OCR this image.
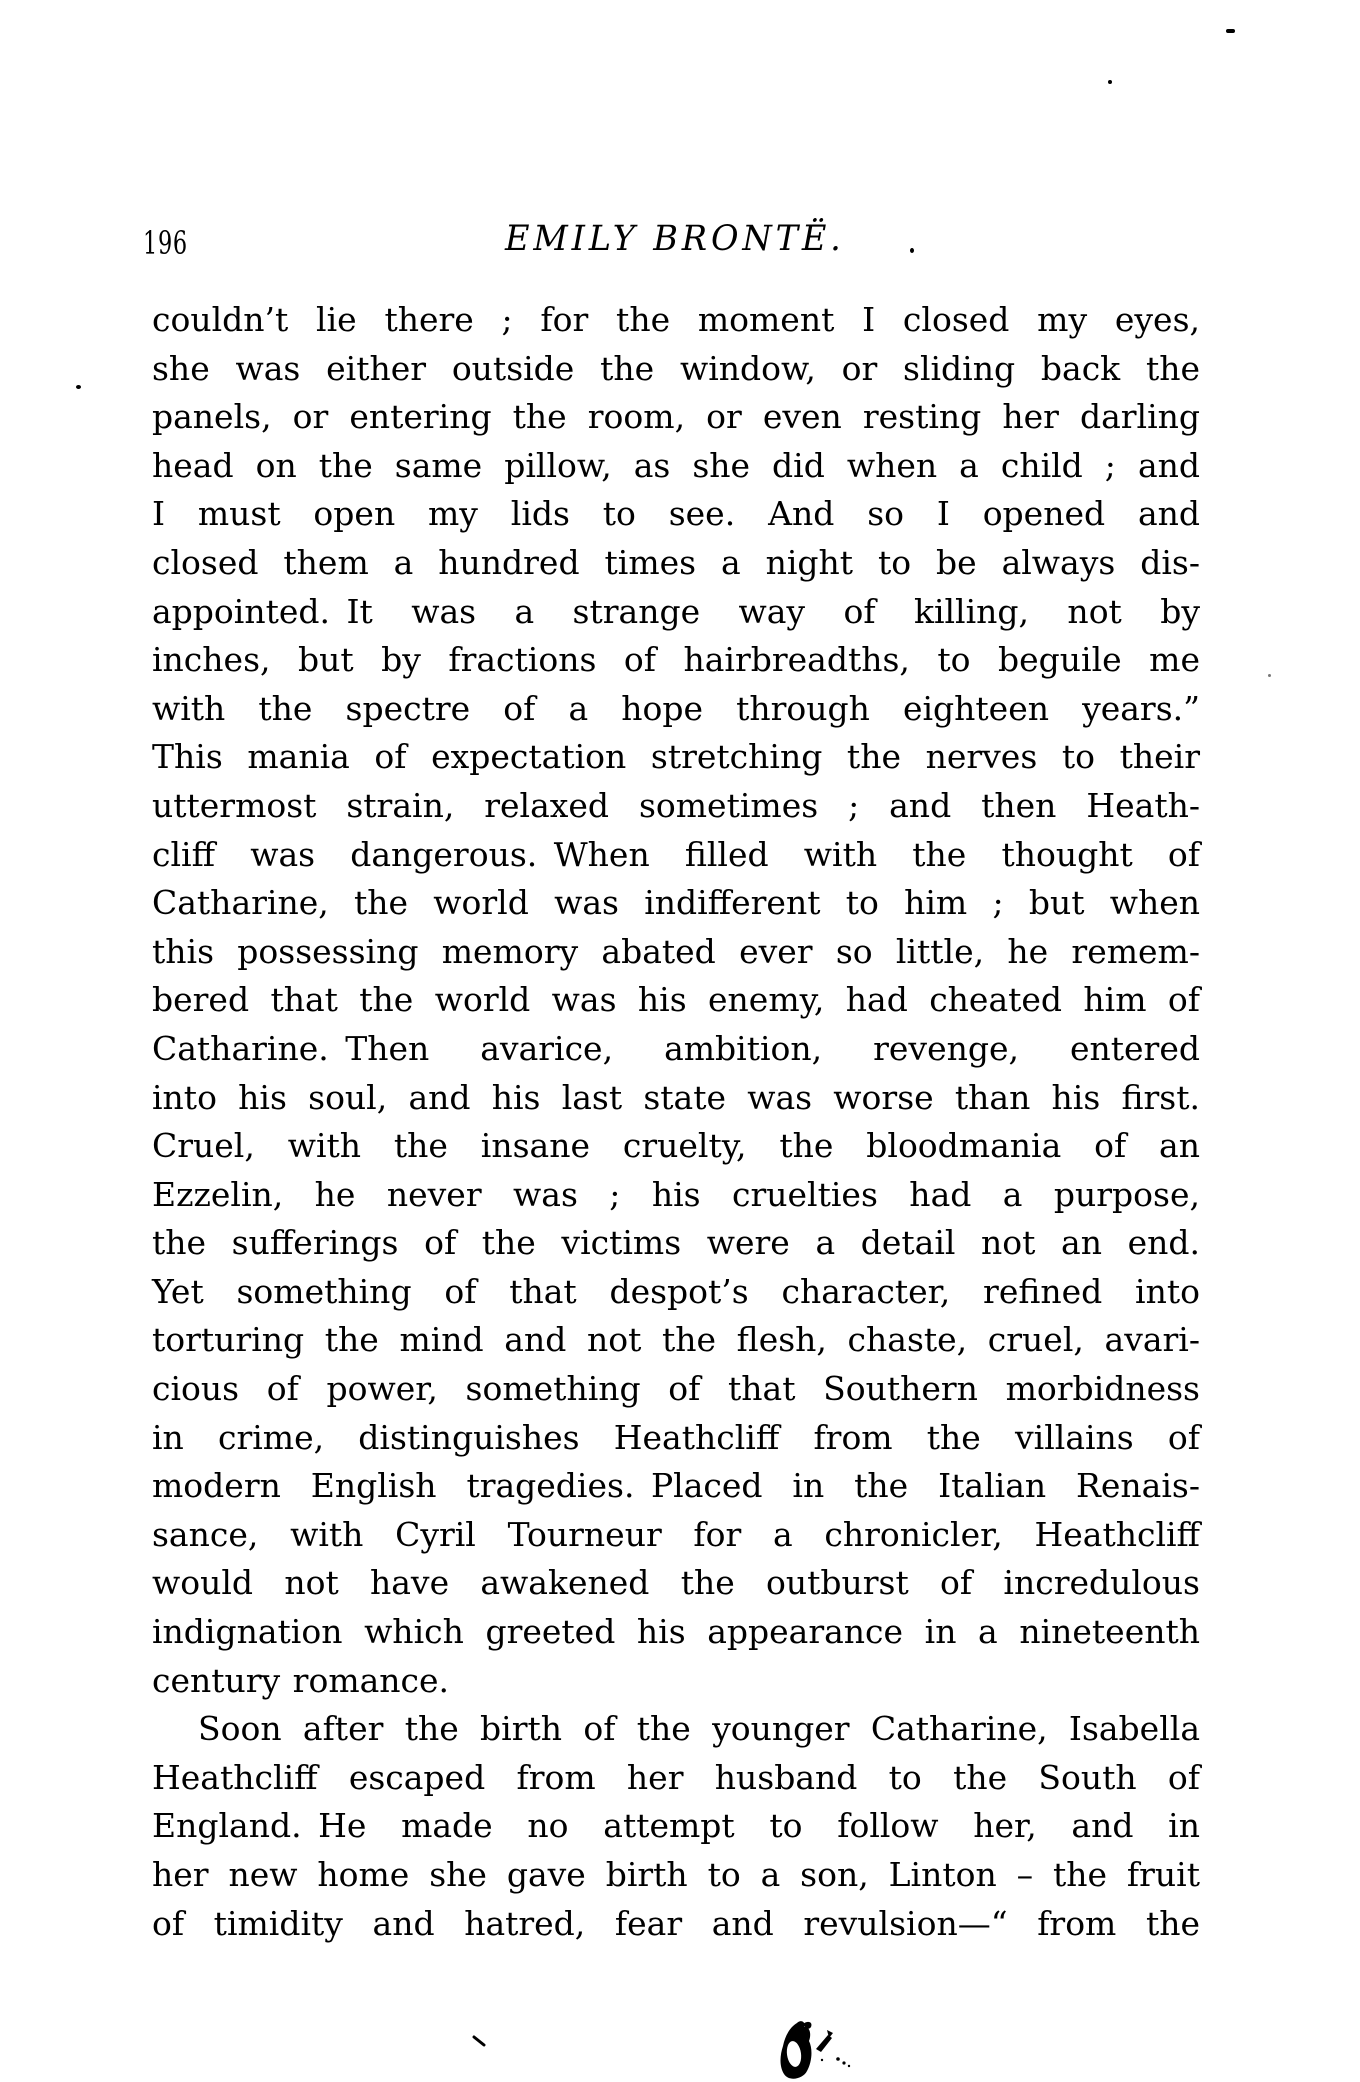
196	EMILY BRONTË.
couldn’t lie there ; for the moment I closed my eyes,
she was either outside the window, or sliding back the
panels, or entering the room, or even resting her darling
head on the same pillow, as she did when a child ; and
I must open my lids to see.  And so I opened and
closed them a hundred times a night to be always dis-
appointed. It was a strange way of killing, not by
inches, but by fractions of hairbreadths, to beguile me
with the spectre of a hope through eighteen years.”
This mania of expectation stretching the nerves to their
uttermost strain, relaxed sometimes ; and then Heath-
cliff was dangerous. When filled with the thought of
Catharine, the world was indifferent to him ; but when
this possessing memory abated ever so little, he remem-
bered that the world was his enemy, had cheated him of
Catharine. Then avarice, ambition, revenge, entered
into his soul, and his last state was worse than his first.
Cruel, with the insane cruelty, the bloodmania of an
Ezzelin, he never was ; his cruelties had a purpose,
the sufferings of the victims were a detail not an end.
Yet something of that despot’s character, refined into
torturing the mind and not the flesh, chaste, cruel, avari-
cious of power, something of that Southern morbidness
in crime, distinguishes Heathcliff from the villains of
modern English tragedies. Placed in the Italian Renais-
sance, with Cyril Tourneur for a chronicler, Heathcliff
would not have awakened the outburst of incredulous
indignation which greeted his appearance in a nineteenth
century romance.
Soon after the birth of the younger Catharine, Isabella
Heathcliff escaped from her husband to the South of
England. He made no attempt to follow her, and in
her new home she gave birth to a son, Linton – the fruit
of timidity and hatred, fear and revulsion—“ from the
